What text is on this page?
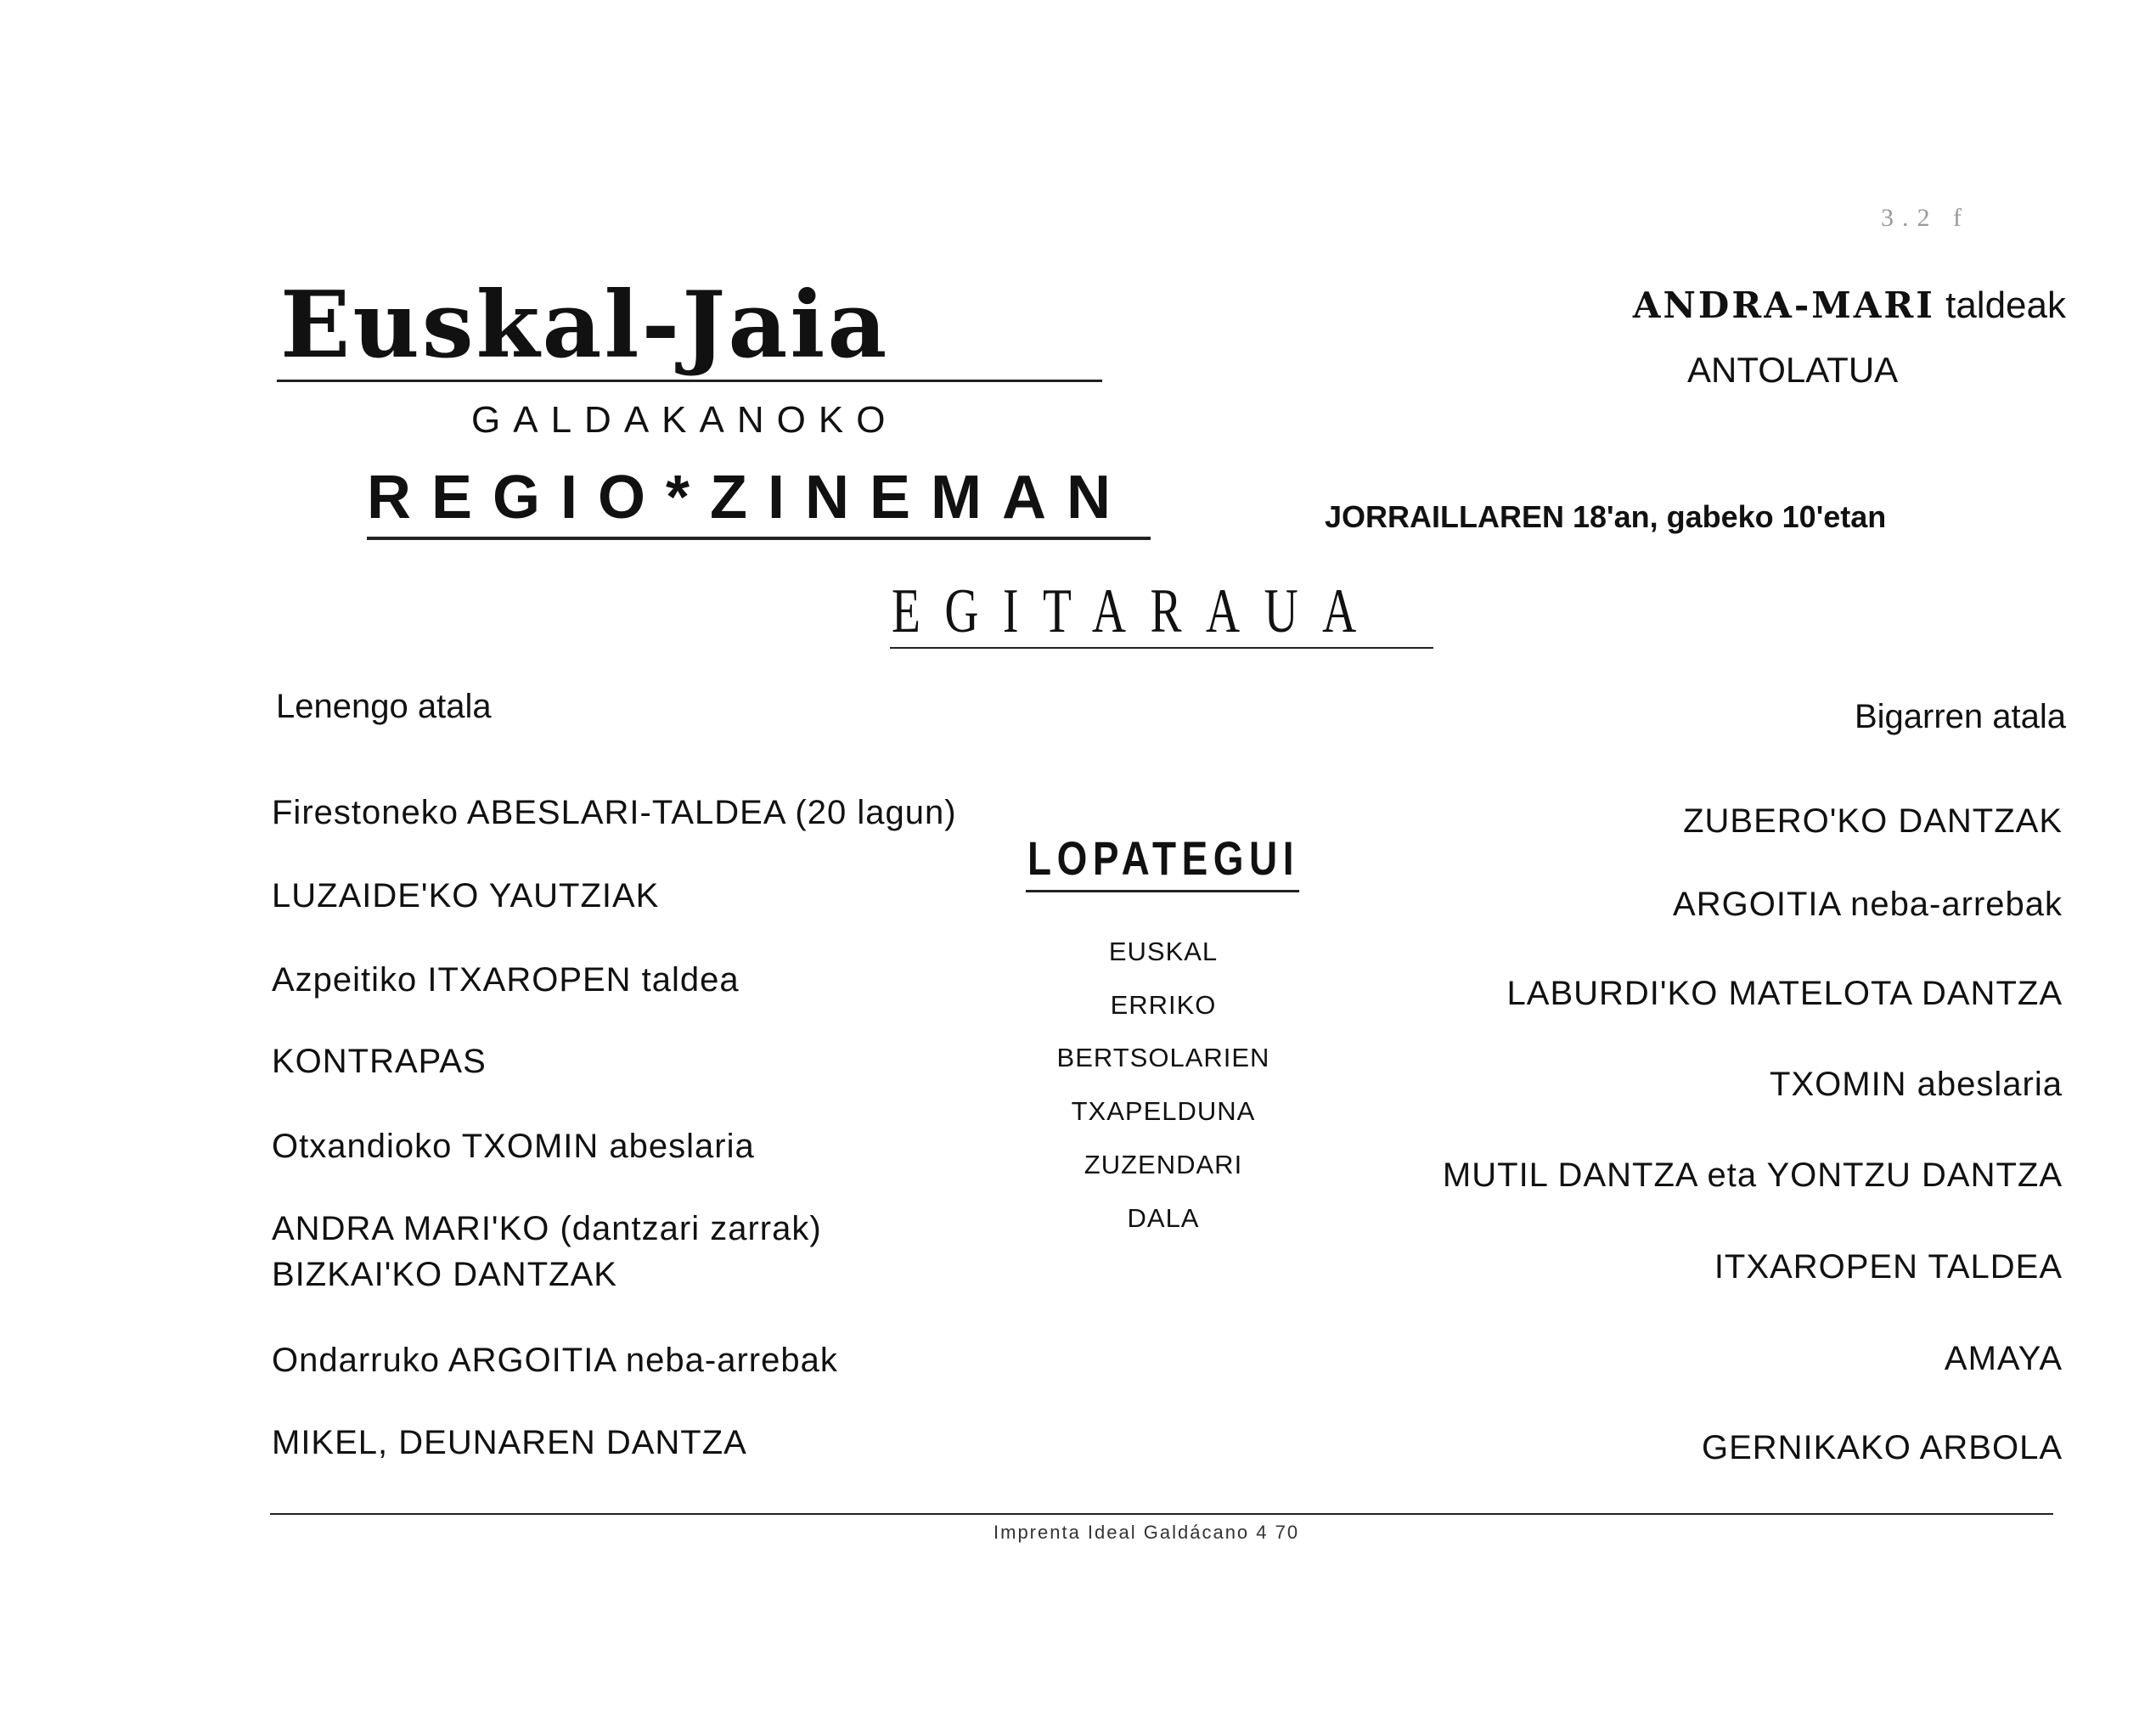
3.2 f
Euskal-Jaia
GALDAKANOKO
REGIO*ZINEMAN
ANDRA-MARI taldeak
ANTOLATUA
JORRAILLAREN 18'an, gabeko 10'etan
EGITARAUA
Lenengo atala	Bigarren atala
Firestoneko ABESLARI-TALDEA (20 lagun)
LUZAIDE'KO YAUTZIAK
Azpeitiko ITXAROPEN taldea
KONTRAPAS
Otxandioko TXOMIN abeslaria
ANDRA MARI'KO (dantzari zarrak)
BIZKAI'KO DANTZAK
Ondarruko ARGOITIA neba-arrebak
MIKEL, DEUNAREN DANTZA
LOPATEGUI
EUSKAL
ERRIKO
BERTSOLARIEN
TXAPELDUNA
ZUZENDARI
DALA
ZUBERO'KO DANTZAK
ARGOITIA neba-arrebak
LABURDI'KO MATELOTA DANTZA
TXOMIN abeslaria
MUTIL DANTZA eta YONTZU DANTZA
ITXAROPEN TALDEA
AMAYA
GERNIKAKO ARBOLA
Imprenta Ideal Galdácano 4 70
